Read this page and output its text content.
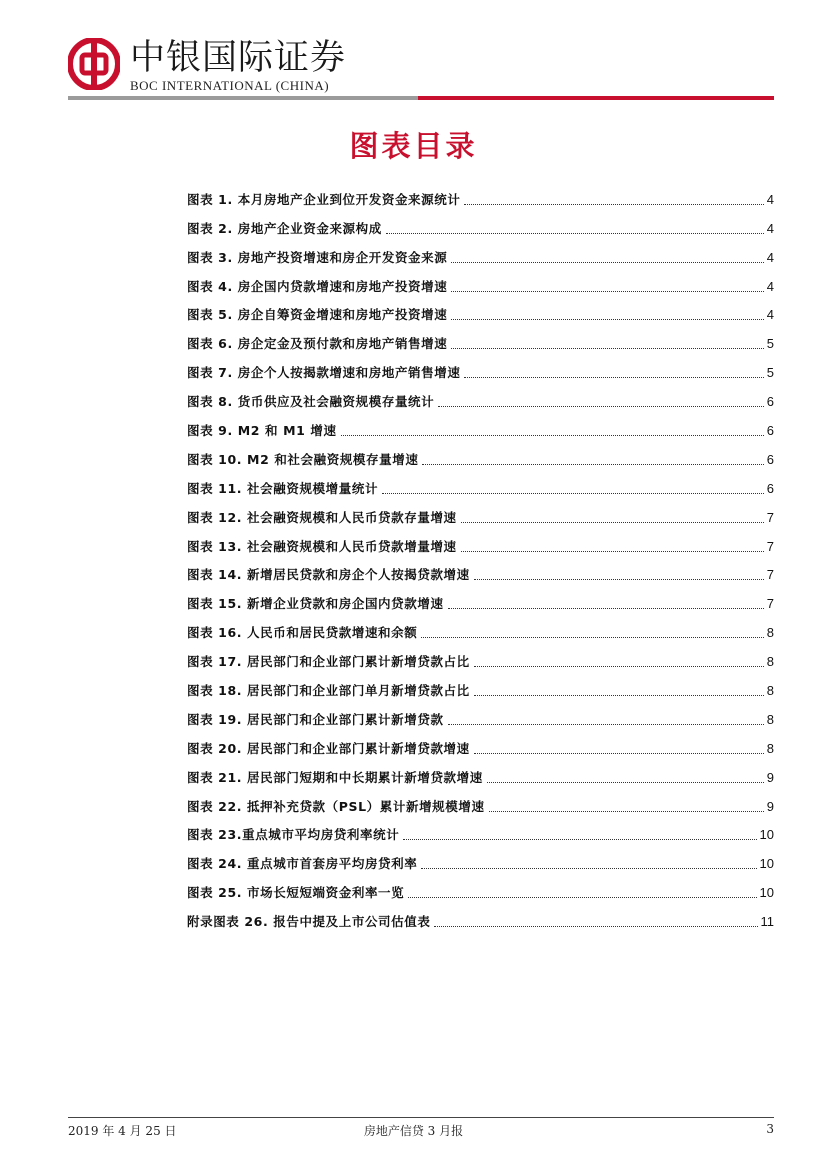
中银国际证券
BOC INTERNATIONAL (CHINA)
图表目录
图表 1. 本月房地产企业到位开发资金来源统计	4
图表 2. 房地产企业资金来源构成	4
图表 3. 房地产投资增速和房企开发资金来源	4
图表 4. 房企国内贷款增速和房地产投资增速	4
图表 5. 房企自筹资金增速和房地产投资增速	4
图表 6. 房企定金及预付款和房地产销售增速	5
图表 7. 房企个人按揭款增速和房地产销售增速	5
图表 8. 货币供应及社会融资规模存量统计	6
图表 9. M2 和 M1 增速	6
图表 10. M2 和社会融资规模存量增速	6
图表 11. 社会融资规模增量统计	6
图表 12. 社会融资规模和人民币贷款存量增速	7
图表 13. 社会融资规模和人民币贷款增量增速	7
图表 14. 新增居民贷款和房企个人按揭贷款增速	7
图表 15. 新增企业贷款和房企国内贷款增速	7
图表 16. 人民币和居民贷款增速和余额	8
图表 17. 居民部门和企业部门累计新增贷款占比	8
图表 18. 居民部门和企业部门单月新增贷款占比	8
图表 19. 居民部门和企业部门累计新增贷款	8
图表 20. 居民部门和企业部门累计新增贷款增速	8
图表 21. 居民部门短期和中长期累计新增贷款增速	9
图表 22. 抵押补充贷款（PSL）累计新增规模增速	9
图表 23.重点城市平均房贷利率统计	10
图表 24. 重点城市首套房平均房贷利率	10
图表 25. 市场长短短端资金利率一览	10
附录图表 26. 报告中提及上市公司估值表	11
2019 年 4 月 25 日	房地产信贷 3 月报	3
